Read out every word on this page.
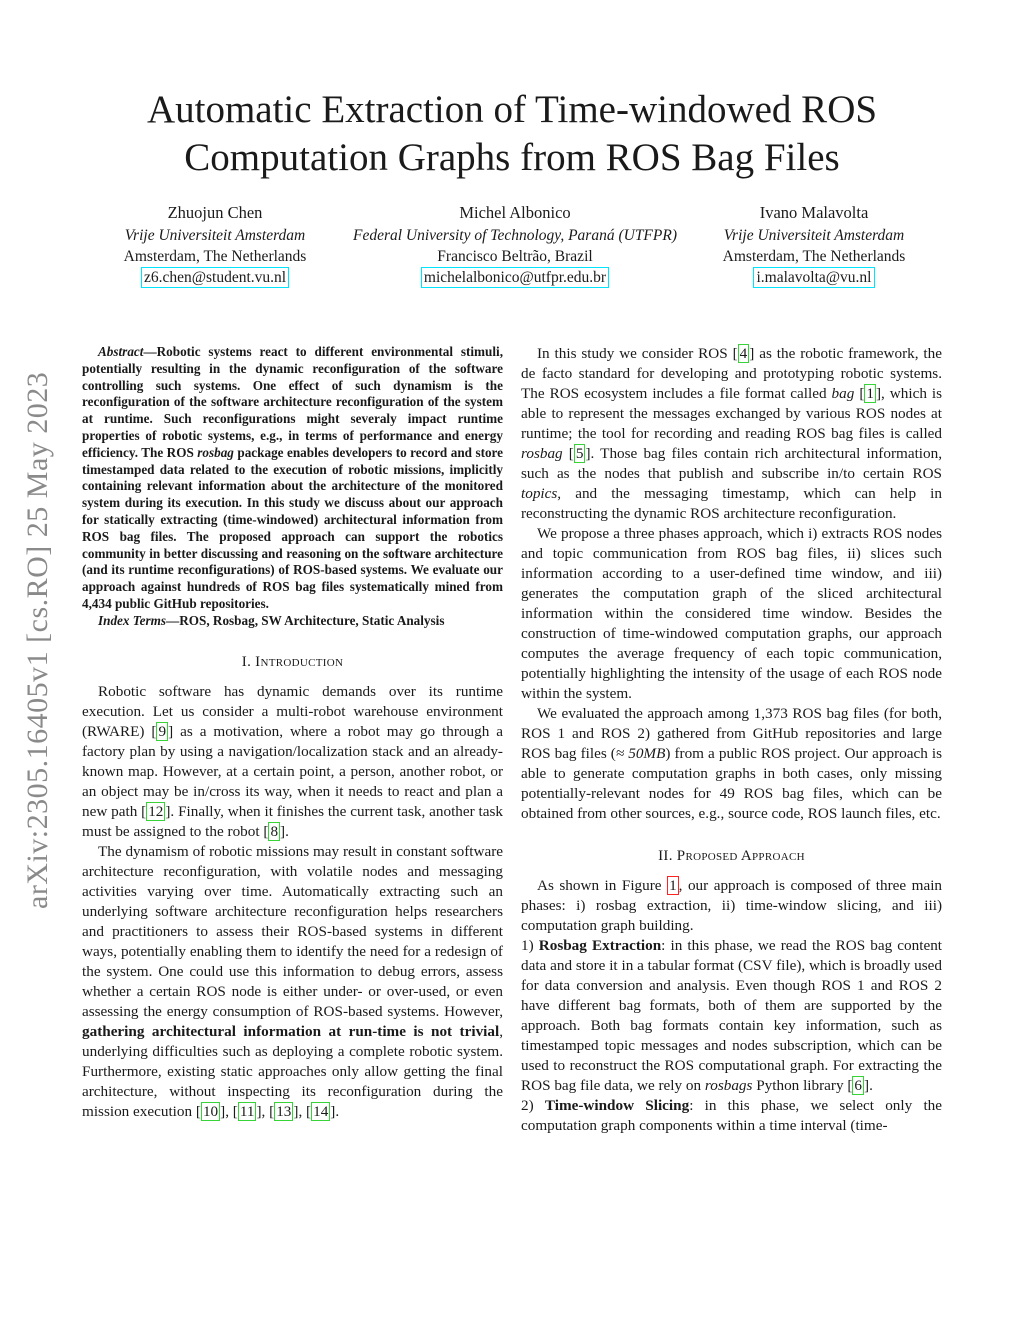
arXiv:2305.16405v1 [cs.RO] 25 May 2023
Automatic Extraction of Time-windowed ROS Computation Graphs from ROS Bag Files
Zhuojun Chen
Vrije Universiteit Amsterdam
Amsterdam, The Netherlands
z6.chen@student.vu.nl
Michel Albonico
Federal University of Technology, Paraná (UTFPR)
Francisco Beltrão, Brazil
michelalbonico@utfpr.edu.br
Ivano Malavolta
Vrije Universiteit Amsterdam
Amsterdam, The Netherlands
i.malavolta@vu.nl

Abstract—Robotic systems react to different environmental stimuli, potentially resulting in the dynamic reconfiguration of the software controlling such systems. One effect of such dynamism is the reconfiguration of the software architecture reconfiguration of the system at runtime. Such reconfigurations might severaly impact runtime properties of robotic systems, e.g., in terms of performance and energy efficiency. The ROS rosbag package enables developers to record and store timestamped data related to the execution of robotic missions, implicitly containing relevant information about the architecture of the monitored system during its execution. In this study we discuss about our approach for statically extracting (time-windowed) architectural information from ROS bag files. The proposed approach can support the robotics community in better discussing and reasoning on the software architecture (and its runtime reconfigurations) of ROS-based systems. We evaluate our approach against hundreds of ROS bag files systematically mined from 4,434 public GitHub repositories.

Index Terms—ROS, Rosbag, SW Architecture, Static Analysis

I. Introduction

Robotic software has dynamic demands over its runtime execution. Let us consider a multi-robot warehouse environment (RWARE) [ 9 ] as a motivation, where a robot may go through a factory plan by using a navigation/localization stack and an already-known map. However, at a certain point, a person, another robot, or an object may be in/cross its way, when it needs to react and plan a new path [ 12 ]. Finally, when it finishes the current task, another task must be assigned to the robot [ 8 ].

The dynamism of robotic missions may result in constant software architecture reconfiguration, with volatile nodes and messaging activities varying over time. Automatically extracting such an underlying software architecture reconfiguration helps researchers and practitioners to assess their ROS-based systems in different ways, potentially enabling them to identify the need for a redesign of the system. One could use this information to debug errors, assess whether a certain ROS node is either under- or over-used, or even assessing the energy consumption of ROS-based systems. However, gathering architectural information at run-time is not trivial, underlying difficulties such as deploying a complete robotic system. Furthermore, existing static approaches only allow getting the final architecture, without inspecting its reconfiguration during the mission execution [ 10 ], [ 11 ], [ 13 ], [ 14 ].

In this study we consider ROS [ 4 ] as the robotic framework, the de facto standard for developing and prototyping robotic systems. The ROS ecosystem includes a file format called bag [ 1 ], which is able to represent the messages exchanged by various ROS nodes at runtime; the tool for recording and reading ROS bag files is called rosbag [ 5 ]. Those bag files contain rich architectural information, such as the nodes that publish and subscribe in/to certain ROS topics, and the messaging timestamp, which can help in reconstructing the dynamic ROS architecture reconfiguration.

We propose a three phases approach, which i) extracts ROS nodes and topic communication from ROS bag files, ii) slices such information according to a user-defined time window, and iii) generates the computation graph of the sliced architectural information within the considered time window. Besides the construction of time-windowed computation graphs, our approach computes the average frequency of each topic communication, potentially highlighting the intensity of the usage of each ROS node within the system.

We evaluated the approach among 1,373 ROS bag files (for both, ROS 1 and ROS 2) gathered from GitHub repositories and large ROS bag files (≈ 50MB) from a public ROS project. Our approach is able to generate computation graphs in both cases, only missing potentially-relevant nodes for 49 ROS bag files, which can be obtained from other sources, e.g., source code, ROS launch files, etc.

II. Proposed Approach

As shown in Figure 1 , our approach is composed of three main phases: i) rosbag extraction, ii) time-window slicing, and iii) computation graph building.

1) Rosbag Extraction: in this phase, we read the ROS bag content data and store it in a tabular format (CSV file), which is broadly used for data conversion and analysis. Even though ROS 1 and ROS 2 have different bag formats, both of them are supported by the approach. Both bag formats contain key information, such as timestamped topic messages and nodes subscription, which can be used to reconstruct the ROS computational graph. For extracting the ROS bag file data, we rely on rosbags Python library [ 6 ].

2) Time-window Slicing: in this phase, we select only the computation graph components within a time interval (time-
